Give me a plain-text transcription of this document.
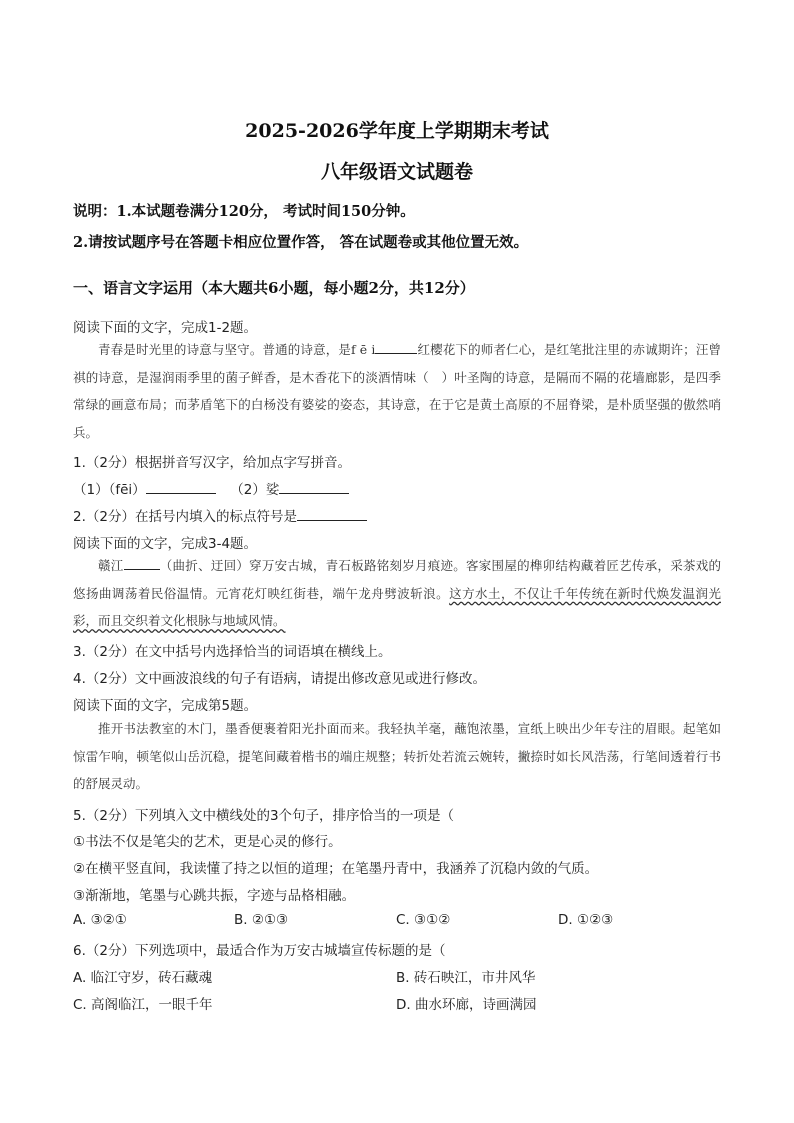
2025-2026学年度上学期期末考试
八年级语文试题卷
说明：1.本试题卷满分120分， 考试时间150分钟。
2.请按试题序号在答题卡相应位置作答， 答在试题卷或其他位置无效。
一、语言文字运用（本大题共6小题，每小题2分，共12分）
阅读下面的文字，完成1-2题。
青春是时光里的诗意与坚守。普通的诗意，是f ē i	红樱花下的师者仁心，是红笔批注里的赤诚期许；汪曾祺的诗意，是湿润雨季里的菌子鲜香，是木香花下的淡酒情味（　）叶圣陶的诗意，是隔而不隔的花墙廊影，是四季常绿的画意布局；而茅盾笔下的白杨没有婆娑的姿态，其诗意，在于它是黄土高原的不屈脊梁，是朴质坚强的傲然哨兵。
1.（2分）根据拼音写汉字，给加点字写拼音。
（1）（fēi）	（2）娑
2.（2分）在括号内填入的标点符号是
阅读下面的文字，完成3-4题。
赣江	（曲折、迂回）穿万安古城，青石板路铭刻岁月痕迹。客家围屋的榫卯结构藏着匠艺传承，采茶戏的悠扬曲调荡着民俗温情。元宵花灯映红街巷，端午龙舟劈波斩浪。这方水土，不仅让千年传统在新时代焕发温润光彩，而且交织着文化根脉与地域风情。
3.（2分）在文中括号内选择恰当的词语填在横线上。
4.（2分）文中画波浪线的句子有语病，请提出修改意见或进行修改。
阅读下面的文字，完成第5题。
推开书法教室的木门，墨香便裹着阳光扑面而来。我轻执羊毫，蘸饱浓墨，宣纸上映出少年专注的眉眼。起笔如惊雷乍响，顿笔似山岳沉稳，提笔间藏着楷书的端庄规整；转折处若流云婉转，撇捺时如长风浩荡，行笔间透着行书的舒展灵动。
5.（2分）下列填入文中横线处的3个句子，排序恰当的一项是（
①书法不仅是笔尖的艺术，更是心灵的修行。
②在横平竖直间，我读懂了持之以恒的道理；在笔墨丹青中，我涵养了沉稳内敛的气质。
③渐渐地，笔墨与心跳共振，字迹与品格相融。
A. ③②①	B. ②①③	C. ③①②	D. ①②③
6.（2分）下列选项中，最适合作为万安古城墙宣传标题的是（
A. 临江守岁，砖石藏魂	B. 砖石映江，市井风华
C. 高阁临江，一眼千年	D. 曲水环廊，诗画满园
